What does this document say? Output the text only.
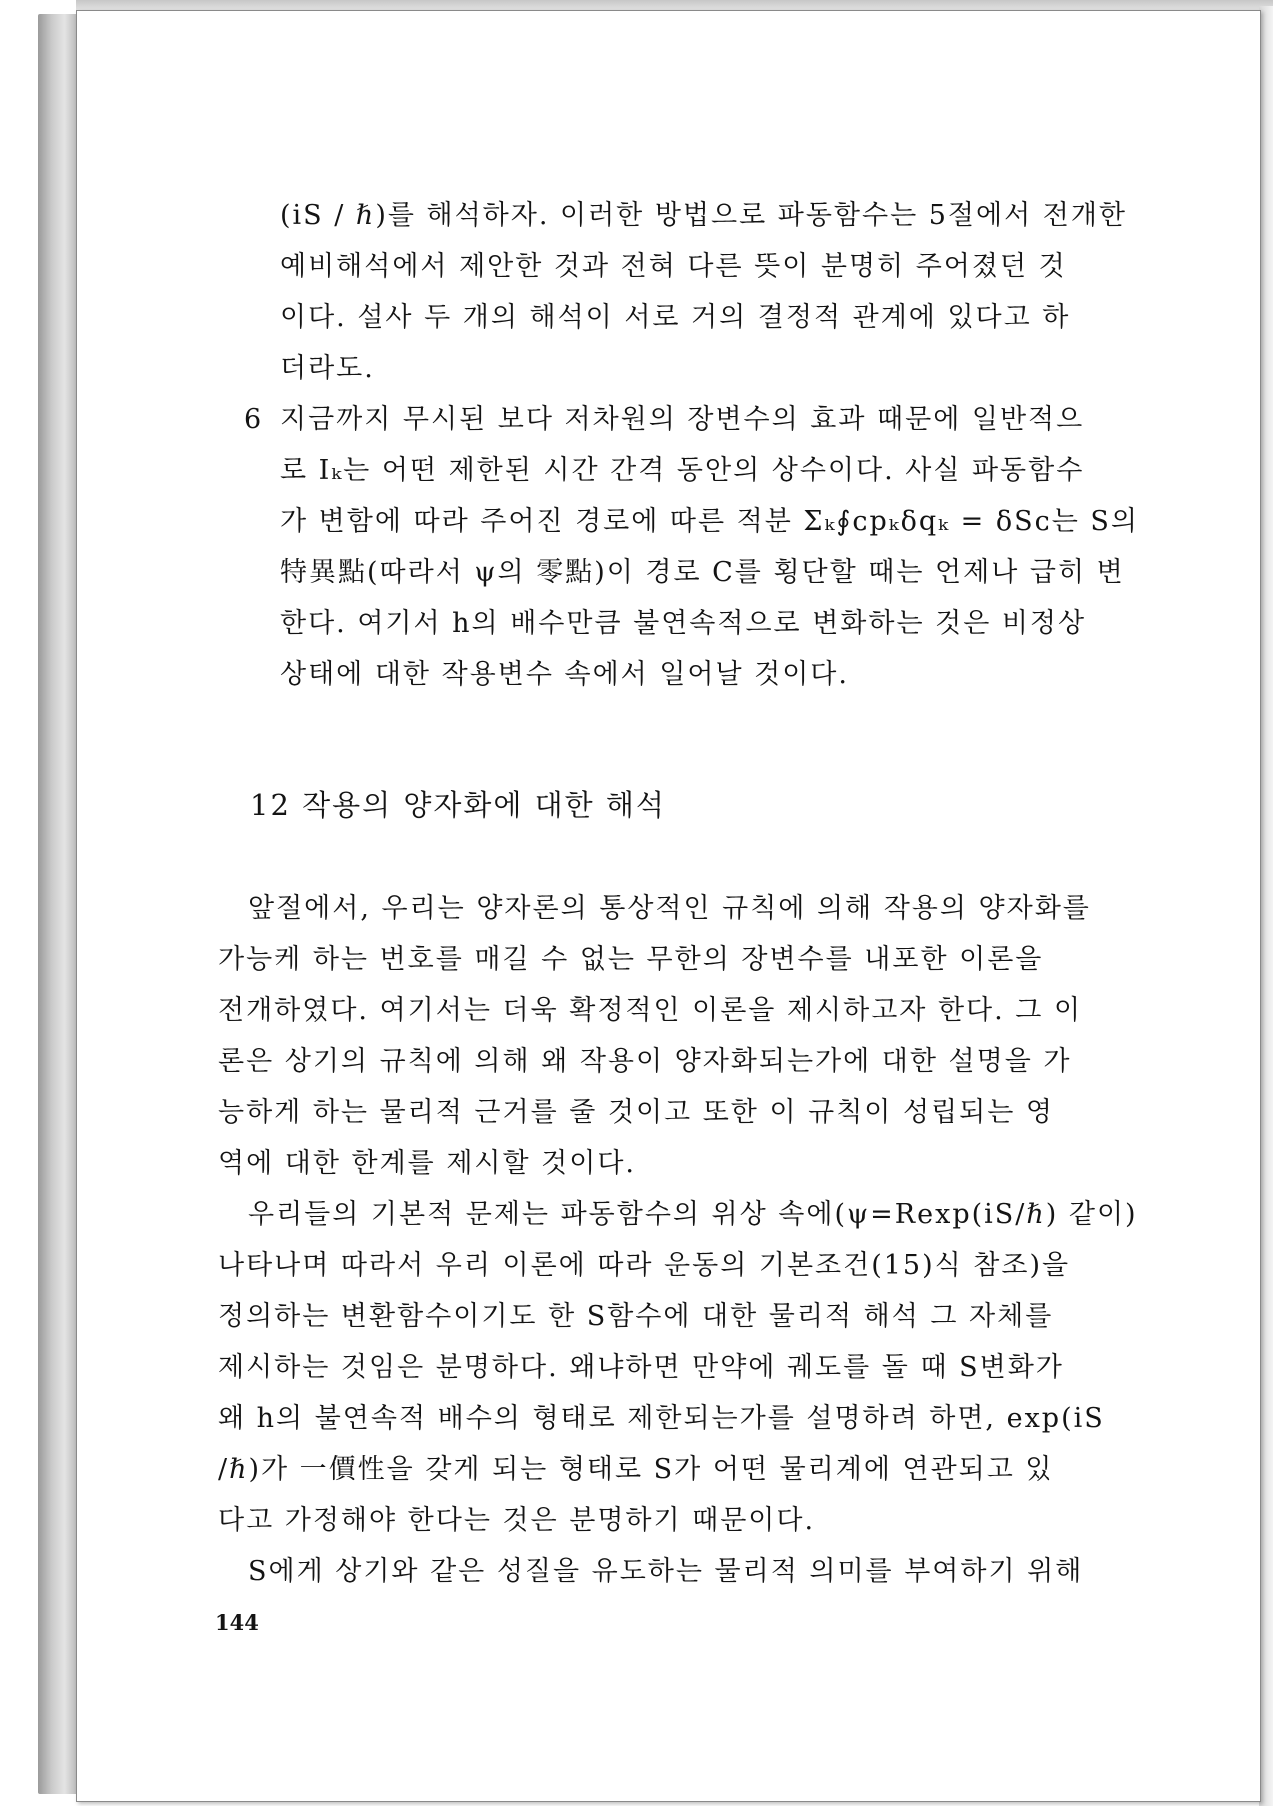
(iS / ℏ)를 해석하자. 이러한 방법으로 파동함수는 5절에서 전개한
예비해석에서 제안한 것과 전혀 다른 뜻이 분명히 주어졌던 것
이다. 설사 두 개의 해석이 서로 거의 결정적 관계에 있다고 하
더라도.
6 지금까지 무시된 보다 저차원의 장변수의 효과 때문에 일반적으
로 Iₖ는 어떤 제한된 시간 간격 동안의 상수이다. 사실 파동함수
가 변함에 따라 주어진 경로에 따른 적분 Σₖ∮ᴄpₖδqₖ = δSᴄ는 S의
特異點(따라서 ψ의 零點)이 경로 C를 횡단할 때는 언제나 급히 변
한다. 여기서 h의 배수만큼 불연속적으로 변화하는 것은 비정상
상태에 대한 작용변수 속에서 일어날 것이다.
12 작용의 양자화에 대한 해석
앞절에서, 우리는 양자론의 통상적인 규칙에 의해 작용의 양자화를
가능케 하는 번호를 매길 수 없는 무한의 장변수를 내포한 이론을
전개하였다. 여기서는 더욱 확정적인 이론을 제시하고자 한다. 그 이
론은 상기의 규칙에 의해 왜 작용이 양자화되는가에 대한 설명을 가
능하게 하는 물리적 근거를 줄 것이고 또한 이 규칙이 성립되는 영
역에 대한 한계를 제시할 것이다.
우리들의 기본적 문제는 파동함수의 위상 속에(ψ=Rexp(iS/ℏ) 같이)
나타나며 따라서 우리 이론에 따라 운동의 기본조건(15)식 참조)을
정의하는 변환함수이기도 한 S함수에 대한 물리적 해석 그 자체를
제시하는 것임은 분명하다. 왜냐하면 만약에 궤도를 돌 때 S변화가
왜 h의 불연속적 배수의 형태로 제한되는가를 설명하려 하면, exp(iS
/ℏ)가 一價性을 갖게 되는 형태로 S가 어떤 물리계에 연관되고 있
다고 가정해야 한다는 것은 분명하기 때문이다.
S에게 상기와 같은 성질을 유도하는 물리적 의미를 부여하기 위해
144
